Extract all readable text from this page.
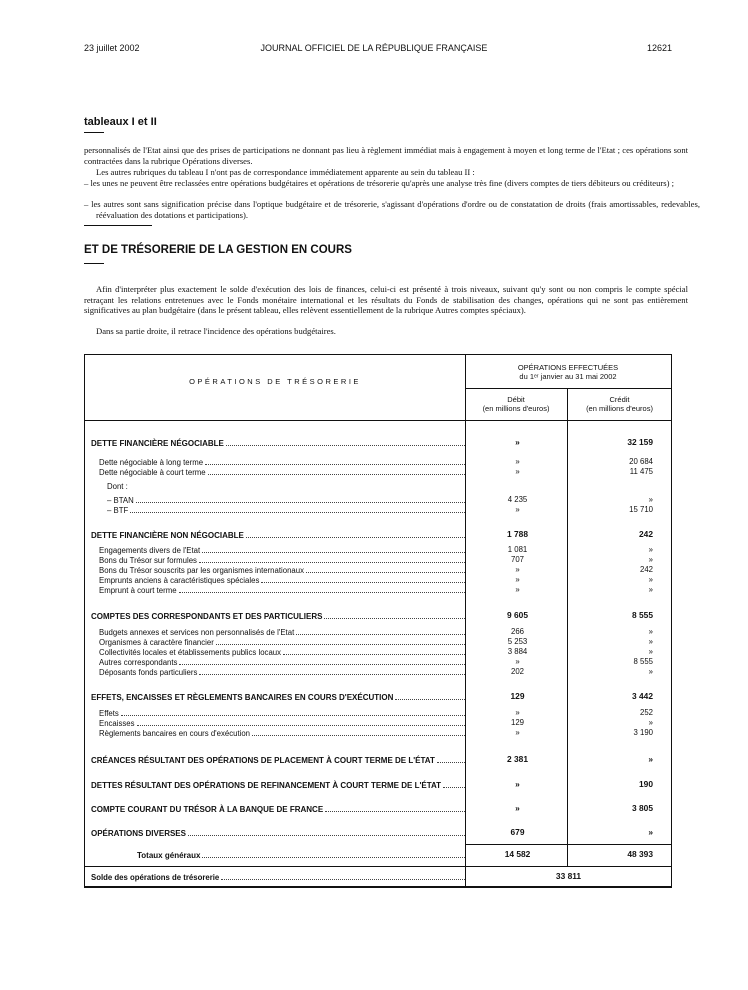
23 juillet 2002	JOURNAL OFFICIEL DE LA RÉPUBLIQUE FRANÇAISE	12621
tableaux I et II

personnalisés de l'Etat ainsi que des prises de participations ne donnant pas lieu à règlement immédiat mais à engagement à moyen et long terme de l'Etat ; ces opérations sont contractées dans la rubrique Opérations diverses.

Les autres rubriques du tableau I n'ont pas de correspondance immédiatement apparente au sein du tableau II :

– les unes ne peuvent être reclassées entre opérations budgétaires et opérations de trésorerie qu'après une analyse très fine (divers comptes de tiers débiteurs ou créditeurs) ;

– les autres sont sans signification précise dans l'optique budgétaire et de trésorerie, s'agissant d'opérations d'ordre ou de constatation de droits (frais amortissables, redevables, réévaluation des dotations et participations).

ET DE TRÉSORERIE DE LA GESTION EN COURS

Afin d'interpréter plus exactement le solde d'exécution des lois de finances, celui-ci est présenté à trois niveaux, suivant qu'y sont ou non compris le compte spécial retraçant les relations entretenues avec le Fonds monétaire international et les résultats du Fonds de stabilisation des changes, opérations qui ne sont pas entièrement significatives au plan budgétaire (dans le présent tableau, elles relèvent essentiellement de la rubrique Autres comptes spéciaux).

Dans sa partie droite, il retrace l'incidence des opérations budgétaires.

OPÉRATIONS DE TRÉSORERIE
OPÉRATIONS EFFECTUÉES
du 1ᵉʳ janvier au 31 mai 2002
Débit
(en millions d'euros)
Crédit
(en millions d'euros)
DETTE FINANCIÈRE NÉGOCIABLE	»	32 159
Dette négociable à long terme	»	20 684
Dette négociable à court terme	»	11 475
Dont :
– BTAN	4 235	»
– BTF	»	15 710
DETTE FINANCIÈRE NON NÉGOCIABLE	1 788	242
Engagements divers de l'Etat	1 081	»
Bons du Trésor sur formules	707	»
Bons du Trésor souscrits par les organismes internationaux	»	242
Emprunts anciens à caractéristiques spéciales	»	»
Emprunt à court terme	»	»
COMPTES DES CORRESPONDANTS ET DES PARTICULIERS	9 605	8 555
Budgets annexes et services non personnalisés de l'Etat	266	»
Organismes à caractère financier	5 253	»
Collectivités locales et établissements publics locaux	3 884	»
Autres correspondants	»	8 555
Déposants fonds particuliers	202	»
EFFETS, ENCAISSES ET RÈGLEMENTS BANCAIRES EN COURS D'EXÉCUTION	129	3 442
Effets	»	252
Encaisses	129	»
Règlements bancaires en cours d'exécution	»	3 190
CRÉANCES RÉSULTANT DES OPÉRATIONS DE PLACEMENT À COURT TERME DE L'ÉTAT	2 381	»
DETTES RÉSULTANT DES OPÉRATIONS DE REFINANCEMENT À COURT TERME DE L'ÉTAT	»	190
COMPTE COURANT DU TRÉSOR À LA BANQUE DE FRANCE	»	3 805
OPÉRATIONS DIVERSES	679	»
Totaux généraux	14 582	48 393
Solde des opérations de trésorerie	33 811
